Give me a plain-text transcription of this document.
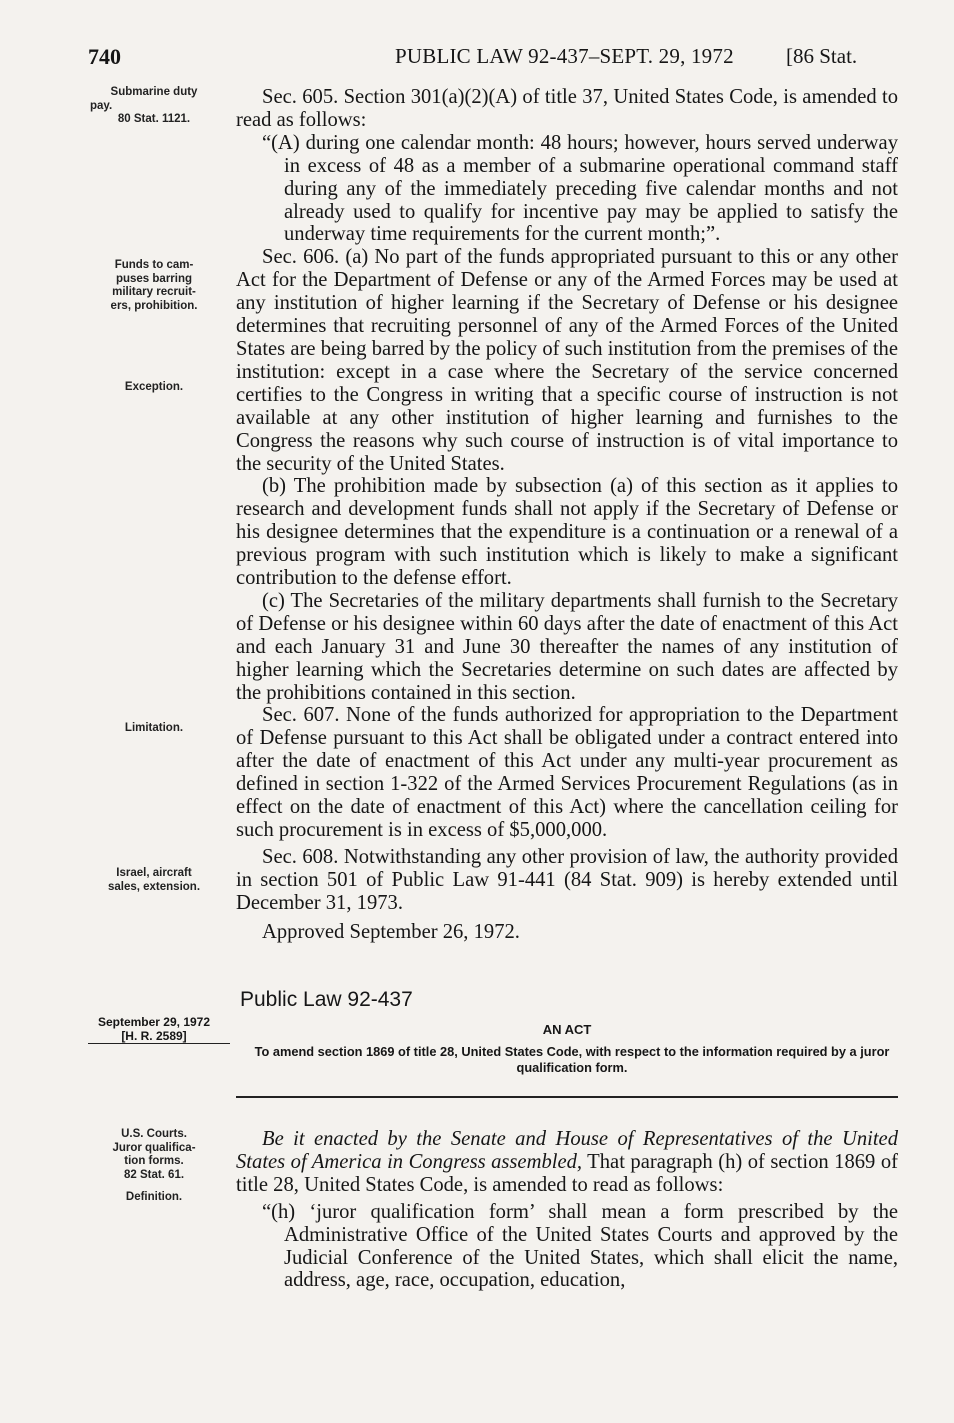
740	PUBLIC LAW 92-437–SEPT. 29, 1972 [86 Stat.
Submarine duty
pay.
80 Stat. 1121.
Funds to cam-
puses barring
military recruit-
ers, prohibition.
Exception.
Limitation.
Israel, aircraft
sales, extension.
September 29, 1972
[H. R. 2589]
U.S. Courts.
Juror qualifica-
tion forms.
82 Stat. 61.
Definition.

Sec. 605. Section 301(a)(2)(A) of title 37, United States Code, is amended to read as follows:

“(A) during one calendar month: 48 hours; however, hours served underway in excess of 48 as a member of a submarine operational command staff during any of the immediately preceding five calendar months and not already used to qualify for incentive pay may be applied to satisfy the underway time requirements for the current month;”.

Sec. 606. (a) No part of the funds appropriated pursuant to this or any other Act for the Department of Defense or any of the Armed Forces may be used at any institution of higher learning if the Secretary of Defense or his designee determines that recruiting personnel of any of the Armed Forces of the United States are being barred by the policy of such institution from the premises of the institution: except in a case where the Secretary of the service concerned certifies to the Congress in writing that a specific course of instruction is not available at any other institution of higher learning and furnishes to the Congress the reasons why such course of instruction is of vital importance to the security of the United States.

(b) The prohibition made by subsection (a) of this section as it applies to research and development funds shall not apply if the Secretary of Defense or his designee determines that the expenditure is a continuation or a renewal of a previous program with such institution which is likely to make a significant contribution to the defense effort.

(c) The Secretaries of the military departments shall furnish to the Secretary of Defense or his designee within 60 days after the date of enactment of this Act and each January 31 and June 30 thereafter the names of any institution of higher learning which the Secretaries determine on such dates are affected by the prohibitions contained in this section.

Sec. 607. None of the funds authorized for appropriation to the Department of Defense pursuant to this Act shall be obligated under a contract entered into after the date of enactment of this Act under any multi-year procurement as defined in section 1-322 of the Armed Services Procurement Regulations (as in effect on the date of enactment of this Act) where the cancellation ceiling for such procurement is in excess of $5,000,000.

Sec. 608. Notwithstanding any other provision of law, the authority provided in section 501 of Public Law 91-441 (84 Stat. 909) is hereby extended until December 31, 1973.

Approved September 26, 1972.

Public Law 92-437
AN ACT
To amend section 1869 of title 28, United States Code, with respect to the information required by a juror qualification form.

Be it enacted by the Senate and House of Representatives of the United States of America in Congress assembled, That paragraph (h) of section 1869 of title 28, United States Code, is amended to read as follows:

“(h) ‘juror qualification form’ shall mean a form prescribed by the Administrative Office of the United States Courts and approved by the Judicial Conference of the United States, which shall elicit the name, address, age, race, occupation, education,
